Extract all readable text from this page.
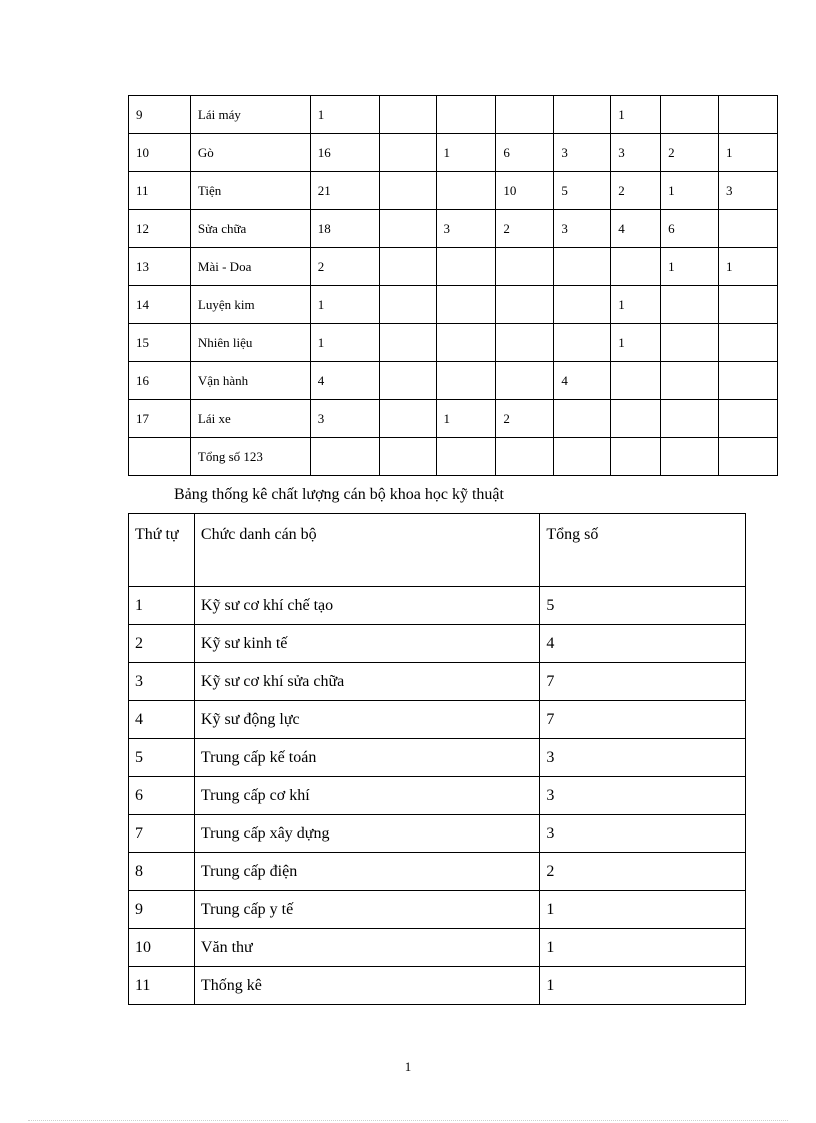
9	Lái máy	1					1		
10	Gò	16		1	6	3	3	2	1
11	Tiện	21			10	5	2	1	3
12	Sửa chữa	18		3	2	3	4	6	
13	Mài - Doa	2						1	1
14	Luyện kim	1					1		
15	Nhiên liệu	1					1		
16	Vận hành	4				4			
17	Lái xe	3		1	2				
	Tổng số 123								
Bảng thống kê chất lượng cán bộ khoa học kỹ thuật
Thứ tự	Chức danh cán bộ	Tổng số
1	Kỹ sư cơ khí chế tạo	5
2	Kỹ sư kinh tế	4
3	Kỹ sư cơ khí sửa chữa	7
4	Kỹ sư động lực	7
5	Trung cấp kế toán	3
6	Trung cấp cơ khí	3
7	Trung cấp xây dựng	3
8	Trung cấp điện	2
9	Trung cấp y tế	1
10	Văn thư	1
11	Thống kê	1
1
